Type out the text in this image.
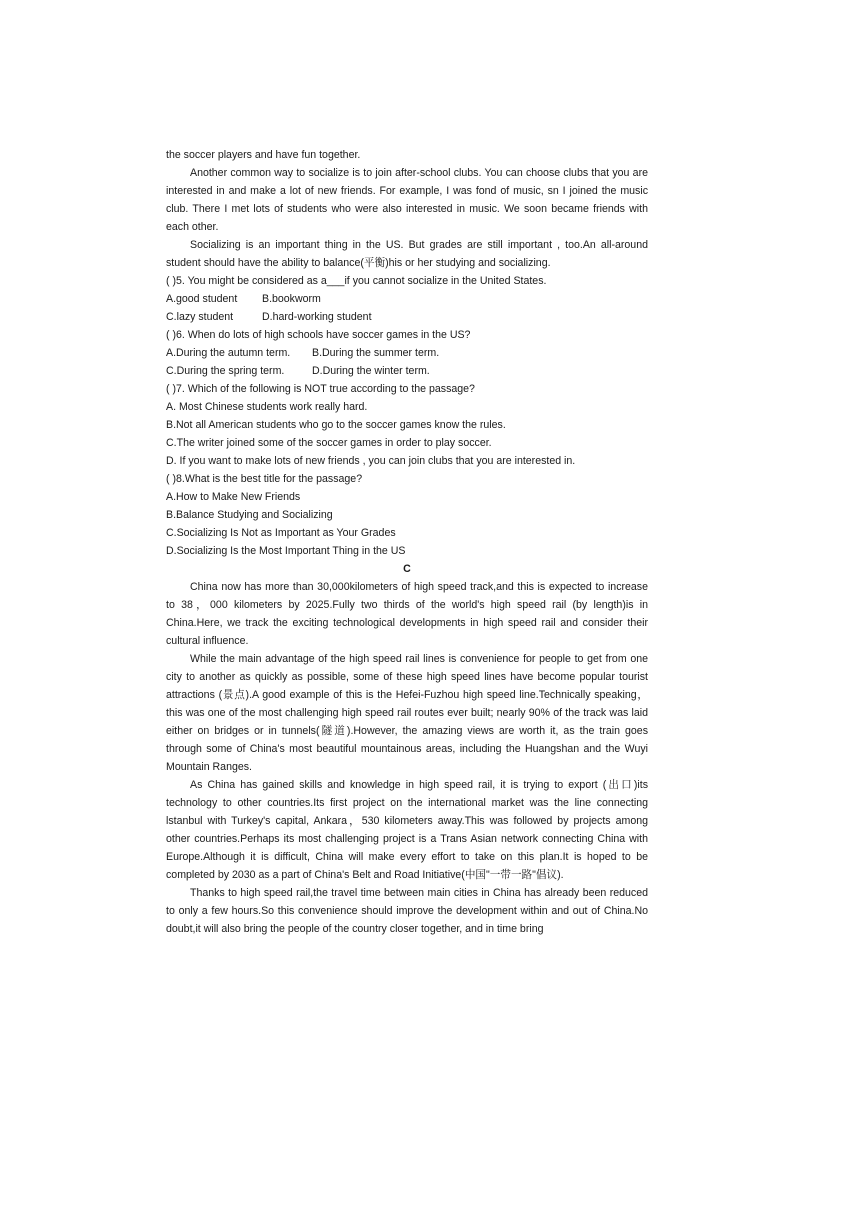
the soccer players and have fun together.

Another common way to socialize is to join after-school clubs. You can choose clubs that you are interested in and make a lot of new friends. For example, I was fond of music, sn I joined the music club. There I met lots of students who were also interested in music. We soon became friends with each other.

Socializing is an important thing in the US. But grades are still important , too.An all-around student should have the ability to balance(平衡)his or her studying and socializing.

( )5. You might be considered as a___if you cannot socialize in the United States.

A.good student B.bookworm

C.lazy student	D.hard-working student

( )6. When do lots of high schools have soccer games in the US?

A.During the autumn term. B.During the summer term.

C.During the spring term.	D.During the winter term.

( )7. Which of the following is NOT true according to the passage?

A. Most Chinese students work really hard.

B.Not all American students who go to the soccer games know the rules.

C.The writer joined some of the soccer games in order to play soccer.

D. If you want to make lots of new friends , you can join clubs that you are interested in.

( )8.What is the best title for the passage?

A.How to Make New Friends

B.Balance Studying and Socializing

C.Socializing Is Not as Important as Your Grades

D.Socializing Is the Most Important Thing in the US

C

China now has more than 30,000kilometers of high speed track,and this is expected to increase to 38，000 kilometers by 2025.Fully two thirds of the world's high speed rail (by length)is in China.Here, we track the exciting technological developments in high speed rail and consider their cultural influence.

While the main advantage of the high speed rail lines is convenience for people to get from one city to another as quickly as possible, some of these high speed lines have become popular tourist attractions (景点).A good example of this is the Hefei-Fuzhou high speed line.Technically speaking，this was one of the most challenging high speed rail routes ever built; nearly 90% of the track was laid either on bridges or in tunnels(隧道).However, the amazing views are worth it, as the train goes through some of China's most beautiful mountainous areas, including the Huangshan and the Wuyi Mountain Ranges.

As China has gained skills and knowledge in high speed rail, it is trying to export (出口)its technology to other countries.Its first project on the international market was the line connecting lstanbul with Turkey's capital, Ankara，530 kilometers away.This was followed by projects among other countries.Perhaps its most challenging project is a Trans Asian network connecting China with Europe.Although it is difficult, China will make every effort to take on this plan.It is hoped to be completed by 2030 as a part of China's Belt and Road Initiative(中国"一带一路"倡议).

Thanks to high speed rail,the travel time between main cities in China has already been reduced to only a few hours.So this convenience should improve the development within and out of China.No doubt,it will also bring the people of the country closer together, and in time bring
